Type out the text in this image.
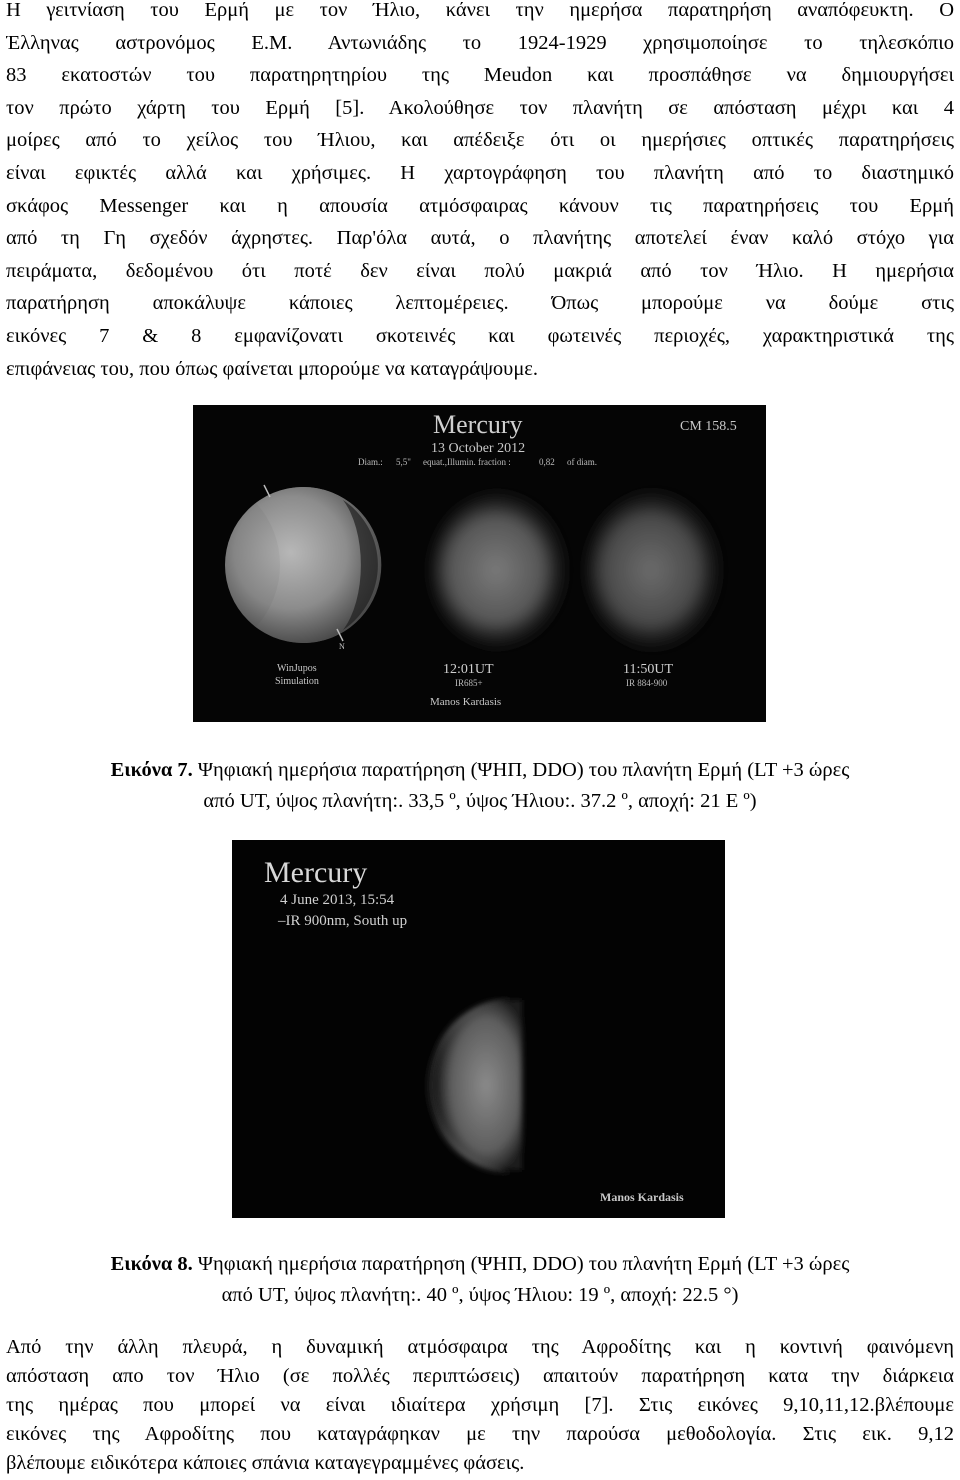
Η γειτνίαση του Ερμή με τον Ήλιο, κάνει την ημερήσα παρατηρήση αναπόφευκτη. Ο
Έλληνας αστρονόμος Ε.Μ. Αντωνιάδης το 1924-1929 χρησιμοποίησε το τηλεσκόπιο
83 εκατοστών του παρατηρητηρίου της Meudon και προσπάθησε να δημιουργήσει
τον πρώτο χάρτη του Ερμή [5]. Ακολούθησε τον πλανήτη σε απόσταση μέχρι και 4
μοίρες από το χείλος του Ήλιου, και απέδειξε ότι οι ημερήσιες οπτικές παρατηρήσεις
είναι εφικτές αλλά και χρήσιμες. Η χαρτογράφηση του πλανήτη από το διαστημικό
σκάφος Messenger και η απουσία ατμόσφαιρας κάνουν τις παρατηρήσεις του Ερμή
από τη Γη σχεδόν άχρηστες. Παρ'όλα αυτά, ο πλανήτης αποτελεί έναν καλό στόχο για
πειράματα, δεδομένου ότι ποτέ δεν είναι πολύ μακριά από τον Ήλιο. Η ημερήσια
παρατήρηση αποκάλυψε κάποιες λεπτομέρειες. Όπως μπορούμε να δούμε στις
εικόνες 7 & 8 εμφανίζονατι σκοτεινές και φωτεινές περιοχές, χαρακτηριστικά της
επιφάνειας του, που όπως φαίνεται μπορούμε να καταγράψουμε.
Mercury
13 October 2012
CM 158.5
Diam.: 5,5" equat.,Illumin. fraction :	0,82 of diam.
N
WinJupos
Simulation
12:01UT
IR685+
11:50UT
IR 884-900
Manos Kardasis
Εικόνα 7. Ψηφιακή ημερήσια παρατήρηση (ΨΗΠ, DDO) του πλανήτη Ερμή (LT +3 ώρες
από UT, ύψος πλανήτη:. 33,5 º, ύψος Ήλιου:. 37.2 º, αποχή: 21 E º)
Mercury
4 June 2013, 15:54
–IR 900nm, South up
Manos Kardasis
Εικόνα 8. Ψηφιακή ημερήσια παρατήρηση (ΨΗΠ, DDO) του πλανήτη Ερμή (LT +3 ώρες
από UT, ύψος πλανήτη:. 40 º, ύψος Ήλιου: 19 º, αποχή: 22.5 °)
Από την άλλη πλευρά, η δυναμική ατμόσφαιρα της Αφροδίτης και η κοντινή φαινόμενη
απόσταση απο τον Ήλιο (σε πολλές περιπτώσεις) απαιτούν παρατήρηση κατα την διάρκεια
της ημέρας που μπορεί να είναι ιδιαίτερα χρήσιμη [7]. Στις εικόνες 9,10,11,12.βλέπουμε
εικόνες της Αφροδίτης που καταγράφηκαν με την παρούσα μεθοδολογία. Στις εικ. 9,12
βλέπουμε ειδικότερα κάποιες σπάνια καταγεγραμμένες φάσεις.
